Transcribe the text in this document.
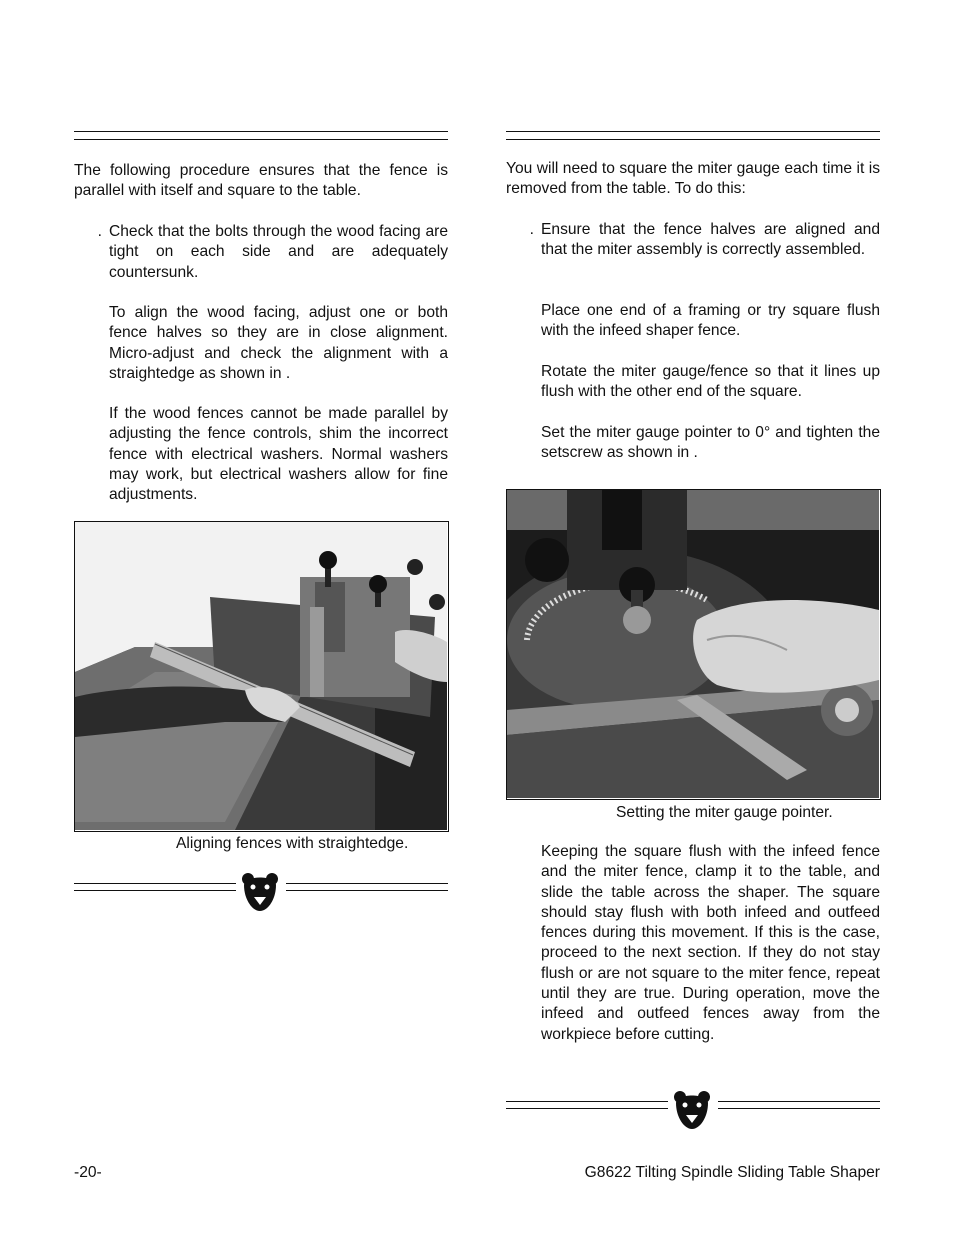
The following procedure ensures that the fence is parallel with itself and square to the table.

. Check that the bolts through the wood facing are tight on each side and are adequately countersunk.

To align the wood facing, adjust one or both fence halves so they are in close alignment. Micro-adjust and check the alignment with a straightedge as shown in .

If the wood fences cannot be made parallel by adjusting the fence controls, shim the incorrect fence with electrical washers. Normal washers may work, but electrical washers allow for fine adjustments.

Aligning fences with straightedge.

You will need to square the miter gauge each time it is removed from the table. To do this:

. Ensure that the fence halves are aligned and that the miter assembly is correctly assembled.

Place one end of a framing or try square flush with the infeed shaper fence.

Rotate the miter gauge/fence so that it lines up flush with the other end of the square.

Set the miter gauge pointer to 0° and tighten the setscrew as shown in .

Setting the miter gauge pointer.

Keeping the square flush with the infeed fence and the miter fence, clamp it to the table, and slide the table across the shaper. The square should stay flush with both infeed and outfeed fences during this movement. If this is the case, proceed to the next section. If they do not stay flush or are not square to the miter fence, repeat until they are true. During operation, move the infeed and outfeed fences away from the workpiece before cutting.

-20-	G8622 Tilting Spindle Sliding Table Shaper
